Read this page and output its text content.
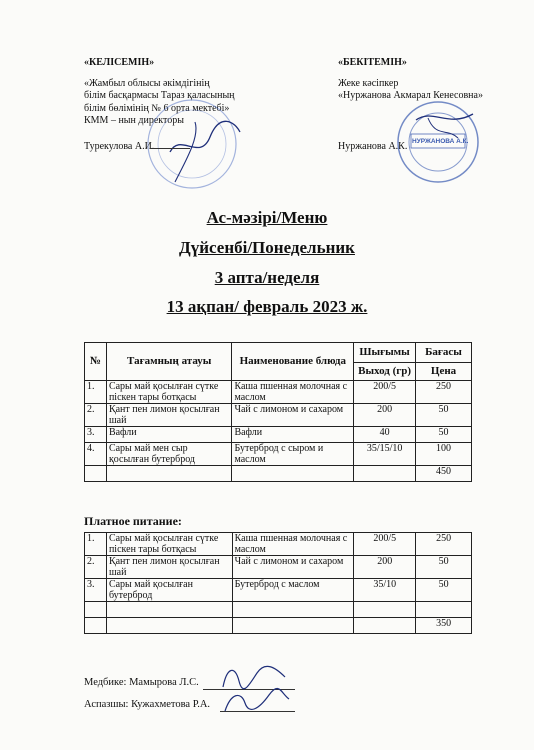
«КЕЛІСЕМІН»
«Жамбыл облысы әкімдігінің
білім басқармасы Тараз қаласының
білім бөлімінің № 6 орта мектебі»
КММ – нын директоры
Турекулова А.И.
«БЕКІТЕМІН»
Жеке кәсіпкер
«Нуржанова Акмарал Кенесовна»
Нуржанова А.К. НУРЖАНОВА А.К.
Ас-мәзірі/Меню
Дүйсенбі/Понедельник
3 апта/неделя
13 ақпан/ февраль 2023 ж.
№	Тағамның атауы	Наименование блюда	Шығымы	Бағасы
			Выход (гр)	Цена
1.	Сары май қосылған сүтке піскен тары ботқасы	Каша пшенная молочная с маслом	200/5	250
2.	Қант пен лимон қосылған шай	Чай с лимоном и сахаром	200	50
3.	Вафли	Вафли	40	50
4.	Сары май мен сыр қосылған бутерброд	Бутерброд с сыром и маслом	35/15/10	100
				450
Платное питание:
1.	Сары май қосылған сүтке піскен тары ботқасы	Каша пшенная молочная с маслом	200/5	250
2.	Қант пен лимон қосылған шай	Чай с лимоном и сахаром	200	50
3.	Сары май қосылған бутерброд	Бутерброд с маслом	35/10	50

				350
Медбике: Мамырова Л.С.
Аспазшы: Кужахметова Р.А.
